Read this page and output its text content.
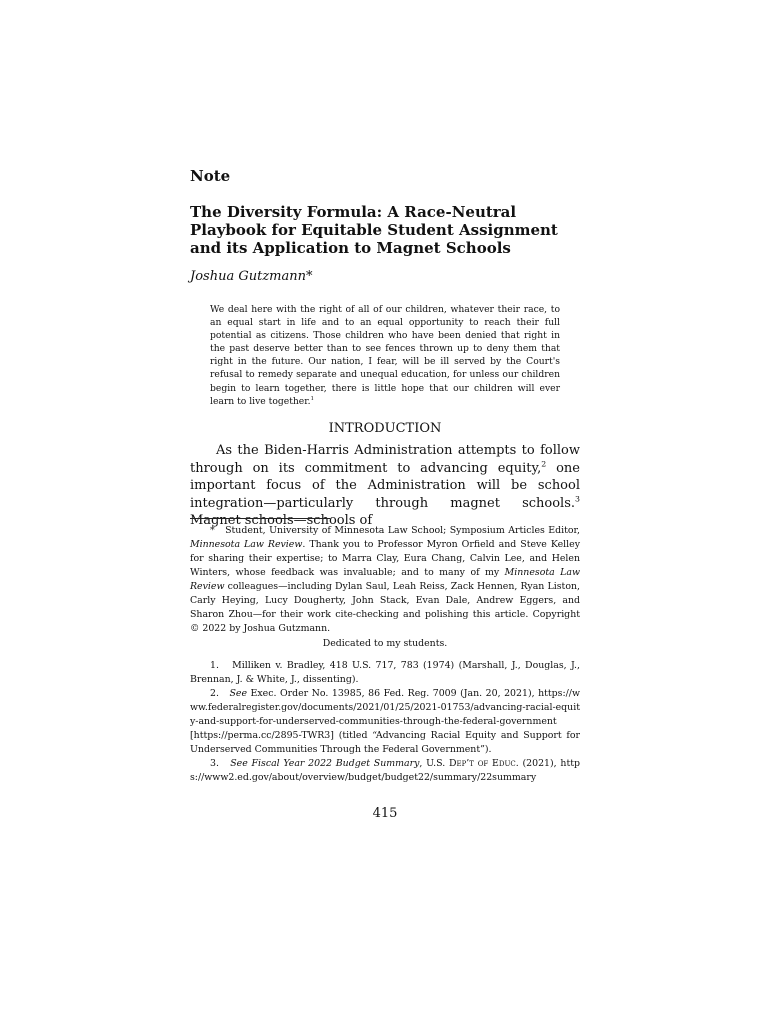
Note
The Diversity Formula: A Race-Neutral Playbook for Equitable Student Assignment and its Application to Magnet Schools
Joshua Gutzmann*
We deal here with the right of all of our children, whatever their race, to an equal start in life and to an equal opportunity to reach their full potential as citizens. Those children who have been denied that right in the past deserve better than to see fences thrown up to deny them that right in the future. Our nation, I fear, will be ill served by the Court's refusal to remedy separate and unequal education, for unless our children begin to learn together, there is little hope that our children will ever learn to live together.$^1$
INTRODUCTION
As the Biden-Harris Administration attempts to follow through on its commitment to advancing equity,$^2$ one important focus of the Administration will be school integration—particularly through magnet schools.$^3$ Magnet schools—schools of
* Student, University of Minnesota Law School; Symposium Articles Editor, Minnesota Law Review. Thank you to Professor Myron Orfield and Steve Kelley for sharing their expertise; to Marra Clay, Eura Chang, Calvin Lee, and Helen Winters, whose feedback was invaluable; and to many of my Minnesota Law Review colleagues—including Dylan Saul, Leah Reiss, Zack Hennen, Ryan Liston, Carly Heying, Lucy Dougherty, John Stack, Evan Dale, Andrew Eggers, and Sharon Zhou—for their work cite-checking and polishing this article. Copyright © 2022 by Joshua Gutzmann.
Dedicated to my students.
1. Milliken v. Bradley, 418 U.S. 717, 783 (1974) (Marshall, J., Douglas, J., Brennan, J. & White, J., dissenting).
2. See Exec. Order No. 13985, 86 Fed. Reg. 7009 (Jan. 20, 2021), https://www.federalregister.gov/documents/2021/01/25/2021-01753/advancing-racial-equity-and-support-for-underserved-communities-through-the-federal-government [https://perma.cc/2895-TWR3] (titled “Advancing Racial Equity and Support for Underserved Communities Through the Federal Government”).
3. See Fiscal Year 2022 Budget Summary, U.S. Dep’t of Educ. (2021), https://www2.ed.gov/about/overview/budget/budget22/summary/22summary
415
